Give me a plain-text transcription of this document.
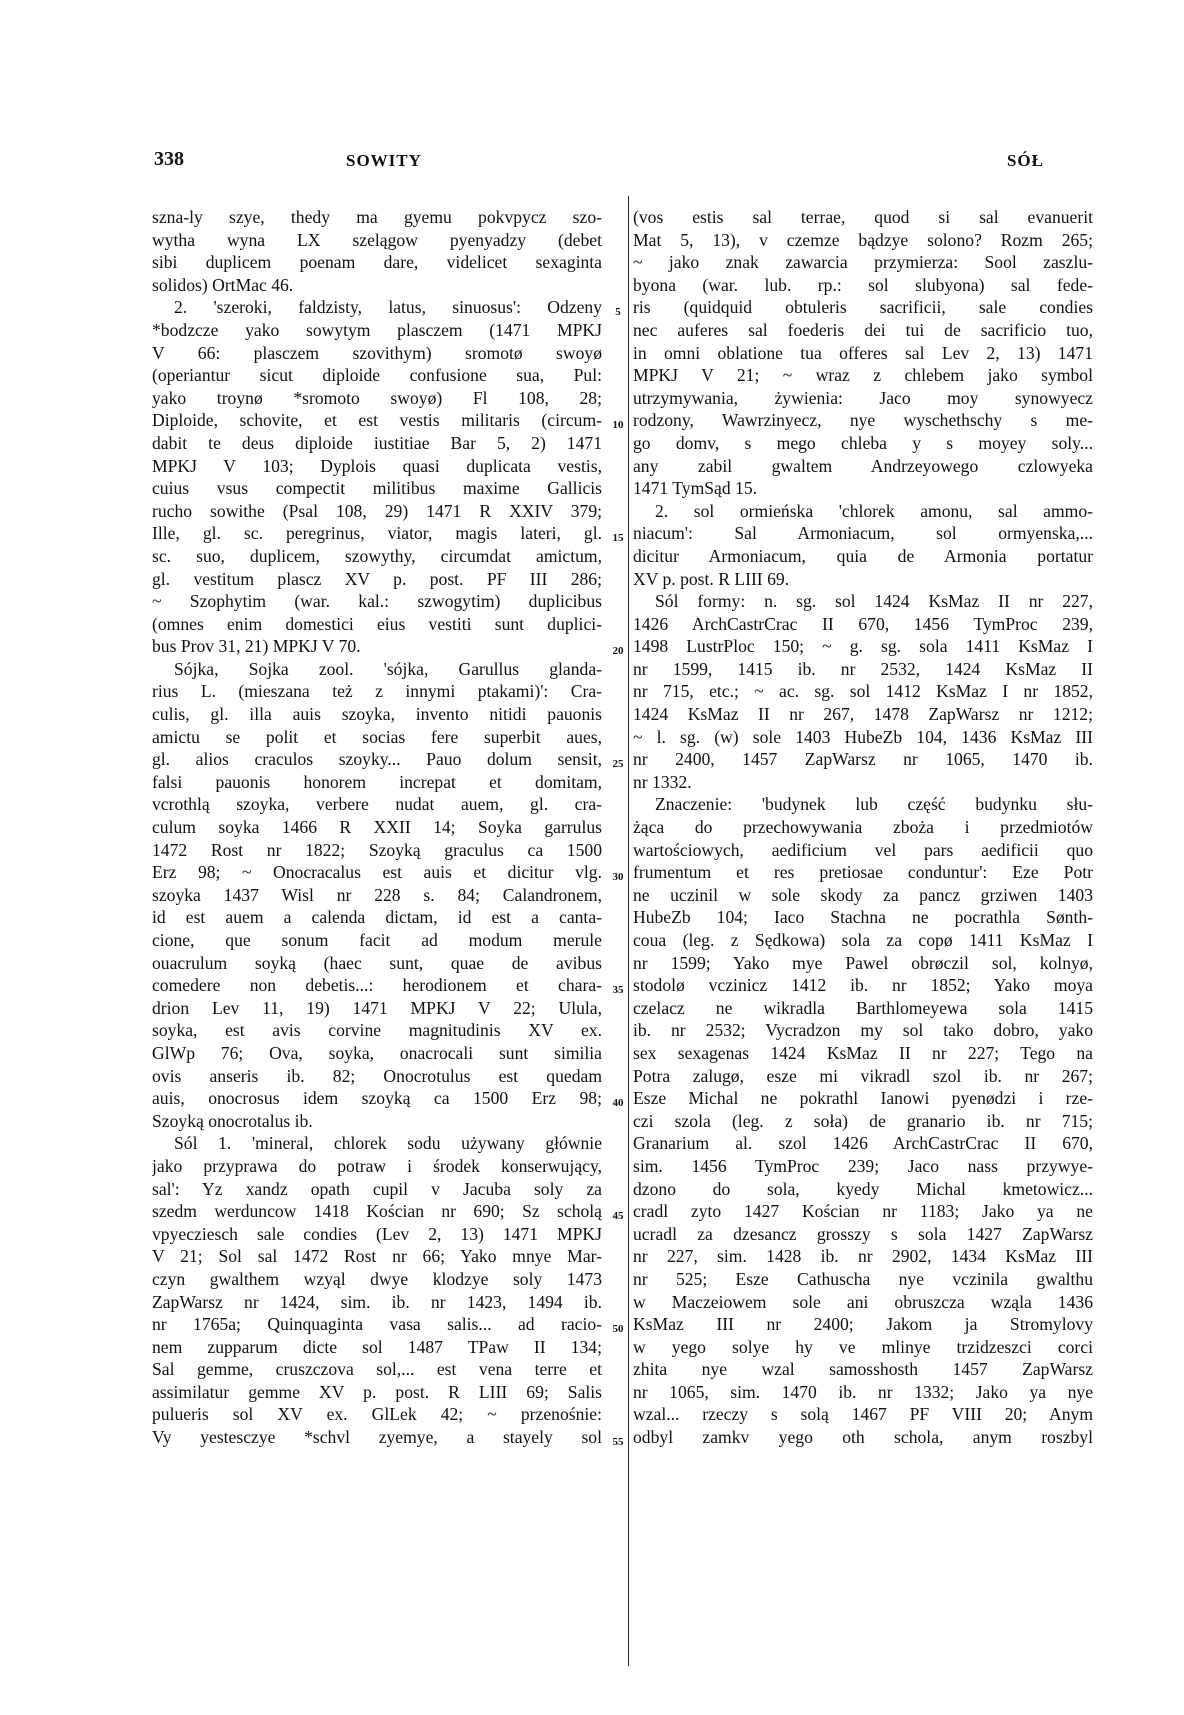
338	SOWITY	SÓŁ
szna-ly szye, thedy ma gyemu pokvpycz szo-
wytha wyna LX szelągow pyenyadzy (debet
sibi duplicem poenam dare, videlicet sexaginta
solidos) OrtMac 46.
2. 'szeroki, faldzisty, latus, sinuosus': Odzeny
*bodzcze yako sowytym plasczem (1471 MPKJ
V 66: plasczem szovithym) sromotø swoyø
(operiantur sicut diploide confusione sua, Pul:
yako troynø *sromoto swoyø) Fl 108, 28;
Diploide, schovite, et est vestis militaris (circum-
dabit te deus diploide iustitiae Bar 5, 2) 1471
MPKJ V 103; Dyplois quasi duplicata vestis,
cuius vsus compectit militibus maxime Gallicis
rucho sowithe (Psal 108, 29) 1471 R XXIV 379;
Ille, gl. sc. peregrinus, viator, magis lateri, gl.
sc. suo, duplicem, szowythy, circumdat amictum,
gl. vestitum plascz XV p. post. PF III 286;
~ Szophytim (war. kal.: szwogytim) duplicibus
(omnes enim domestici eius vestiti sunt duplici-
bus Prov 31, 21) MPKJ V 70.
Sójka, Sojka zool. 'sójka, Garullus glanda-
rius L. (mieszana też z innymi ptakami)': Cra-
culis, gl. illa auis szoyka, invento nitidi pauonis
amictu se polit et socias fere superbit aues,
gl. alios craculos szoyky... Pauo dolum sensit,
falsi pauonis honorem increpat et domitam,
vcrothlą szoyka, verbere nudat auem, gl. cra-
culum soyka 1466 R XXII 14; Soyka garrulus
1472 Rost nr 1822; Szoyką graculus ca 1500
Erz 98; ~ Onocracalus est auis et dicitur vlg.
szoyka 1437 Wisl nr 228 s. 84; Calandronem,
id est auem a calenda dictam, id est a canta-
cione, que sonum facit ad modum merule
ouacrulum soyką (haec sunt, quae de avibus
comedere non debetis...: herodionem et chara-
drion Lev 11, 19) 1471 MPKJ V 22; Ulula,
soyka, est avis corvine magnitudinis XV ex.
GlWp 76; Ova, soyka, onacrocali sunt similia
ovis anseris ib. 82; Onocrotulus est quedam
auis, onocrosus idem szoyką ca 1500 Erz 98;
Szoyką onocrotalus ib.
Sól 1. 'mineral, chlorek sodu używany głównie
jako przyprawa do potraw i środek konserwujący,
sal': Yz xandz opath cupil v Jacuba soly za
szedm werduncow 1418 Kościan nr 690; Sz scholą
vpyecziesch sale condies (Lev 2, 13) 1471 MPKJ
V 21; Sol sal 1472 Rost nr 66; Yako mnye Mar-
czyn gwalthem wzyąl dwye klodzye soly 1473
ZapWarsz nr 1424, sim. ib. nr 1423, 1494 ib.
nr 1765a; Quinquaginta vasa salis... ad racio-
nem zupparum dicte sol 1487 TPaw II 134;
Sal gemme, cruszczova sol,... est vena terre et
assimilatur gemme XV p. post. R LIII 69; Salis
pulueris sol XV ex. GlLek 42; ~ przenośnie:
Vy yestesczye *schvl zyemye, a stayely sol
5
10
15
20
25
30
35
40
45
50
55
(vos estis sal terrae, quod si sal evanuerit
Mat 5, 13), v czemze bądzye solono? Rozm 265;
~ jako znak zawarcia przymierza: Sool zaszlu-
byona (war. lub. rp.: sol slubyona) sal fede-
ris (quidquid obtuleris sacrificii, sale condies
nec auferes sal foederis dei tui de sacrificio tuo,
in omni oblatione tua offeres sal Lev 2, 13) 1471
MPKJ V 21; ~ wraz z chlebem jako symbol
utrzymywania, żywienia: Jaco moy synowyecz
rodzony, Wawrzinyecz, nye wyschethschy s me-
go domv, s mego chleba y s moyey soly...
any zabil gwaltem Andrzeyowego czlowyeka
1471 TymSąd 15.
2. sol ormieńska 'chlorek amonu, sal ammo-
niacum': Sal Armoniacum, sol ormyenska,...
dicitur Armoniacum, quia de Armonia portatur
XV p. post. R LIII 69.
Sól formy: n. sg. sol 1424 KsMaz II nr 227,
1426 ArchCastrCrac II 670, 1456 TymProc 239,
1498 LustrPloc 150; ~ g. sg. sola 1411 KsMaz I
nr 1599, 1415 ib. nr 2532, 1424 KsMaz II
nr 715, etc.; ~ ac. sg. sol 1412 KsMaz I nr 1852,
1424 KsMaz II nr 267, 1478 ZapWarsz nr 1212;
~ l. sg. (w) sole 1403 HubeZb 104, 1436 KsMaz III
nr 2400, 1457 ZapWarsz nr 1065, 1470 ib.
nr 1332.
Znaczenie: 'budynek lub część budynku słu-
żąca do przechowywania zboża i przedmiotów
wartościowych, aedificium vel pars aedificii quo
frumentum et res pretiosae conduntur': Eze Potr
ne uczinil w sole skody za pancz grziwen 1403
HubeZb 104; Iaco Stachna ne pocrathla Sønth-
coua (leg. z Sędkowa) sola za copø 1411 KsMaz I
nr 1599; Yako mye Pawel obrøczil sol, kolnyø,
stodolø vczinicz 1412 ib. nr 1852; Yako moya
czelacz ne wikradla Barthlomeyewa sola 1415
ib. nr 2532; Vycradzon my sol tako dobro, yako
sex sexagenas 1424 KsMaz II nr 227; Tego na
Potra zalugø, esze mi vikradl szol ib. nr 267;
Esze Michal ne pokrathl Ianowi pyenødzi i rze-
czi szola (leg. z soła) de granario ib. nr 715;
Granarium al. szol 1426 ArchCastrCrac II 670,
sim. 1456 TymProc 239; Jaco nass przywye-
dzono do sola, kyedy Michal kmetowicz...
cradl zyto 1427 Kościan nr 1183; Jako ya ne
ucradl za dzesancz grosszy s sola 1427 ZapWarsz
nr 227, sim. 1428 ib. nr 2902, 1434 KsMaz III
nr 525; Esze Cathuscha nye vczinila gwalthu
w Maczeiowem sole ani obruszcza wząla 1436
KsMaz III nr 2400; Jakom ja Stromylovy
w yego solye hy ve mlinye trzidzeszci corci
zhita nye wzal samosshosth 1457 ZapWarsz
nr 1065, sim. 1470 ib. nr 1332; Jako ya nye
wzal... rzeczy s solą 1467 PF VIII 20; Anym
odbyl zamkv yego oth schola, anym roszbyl
